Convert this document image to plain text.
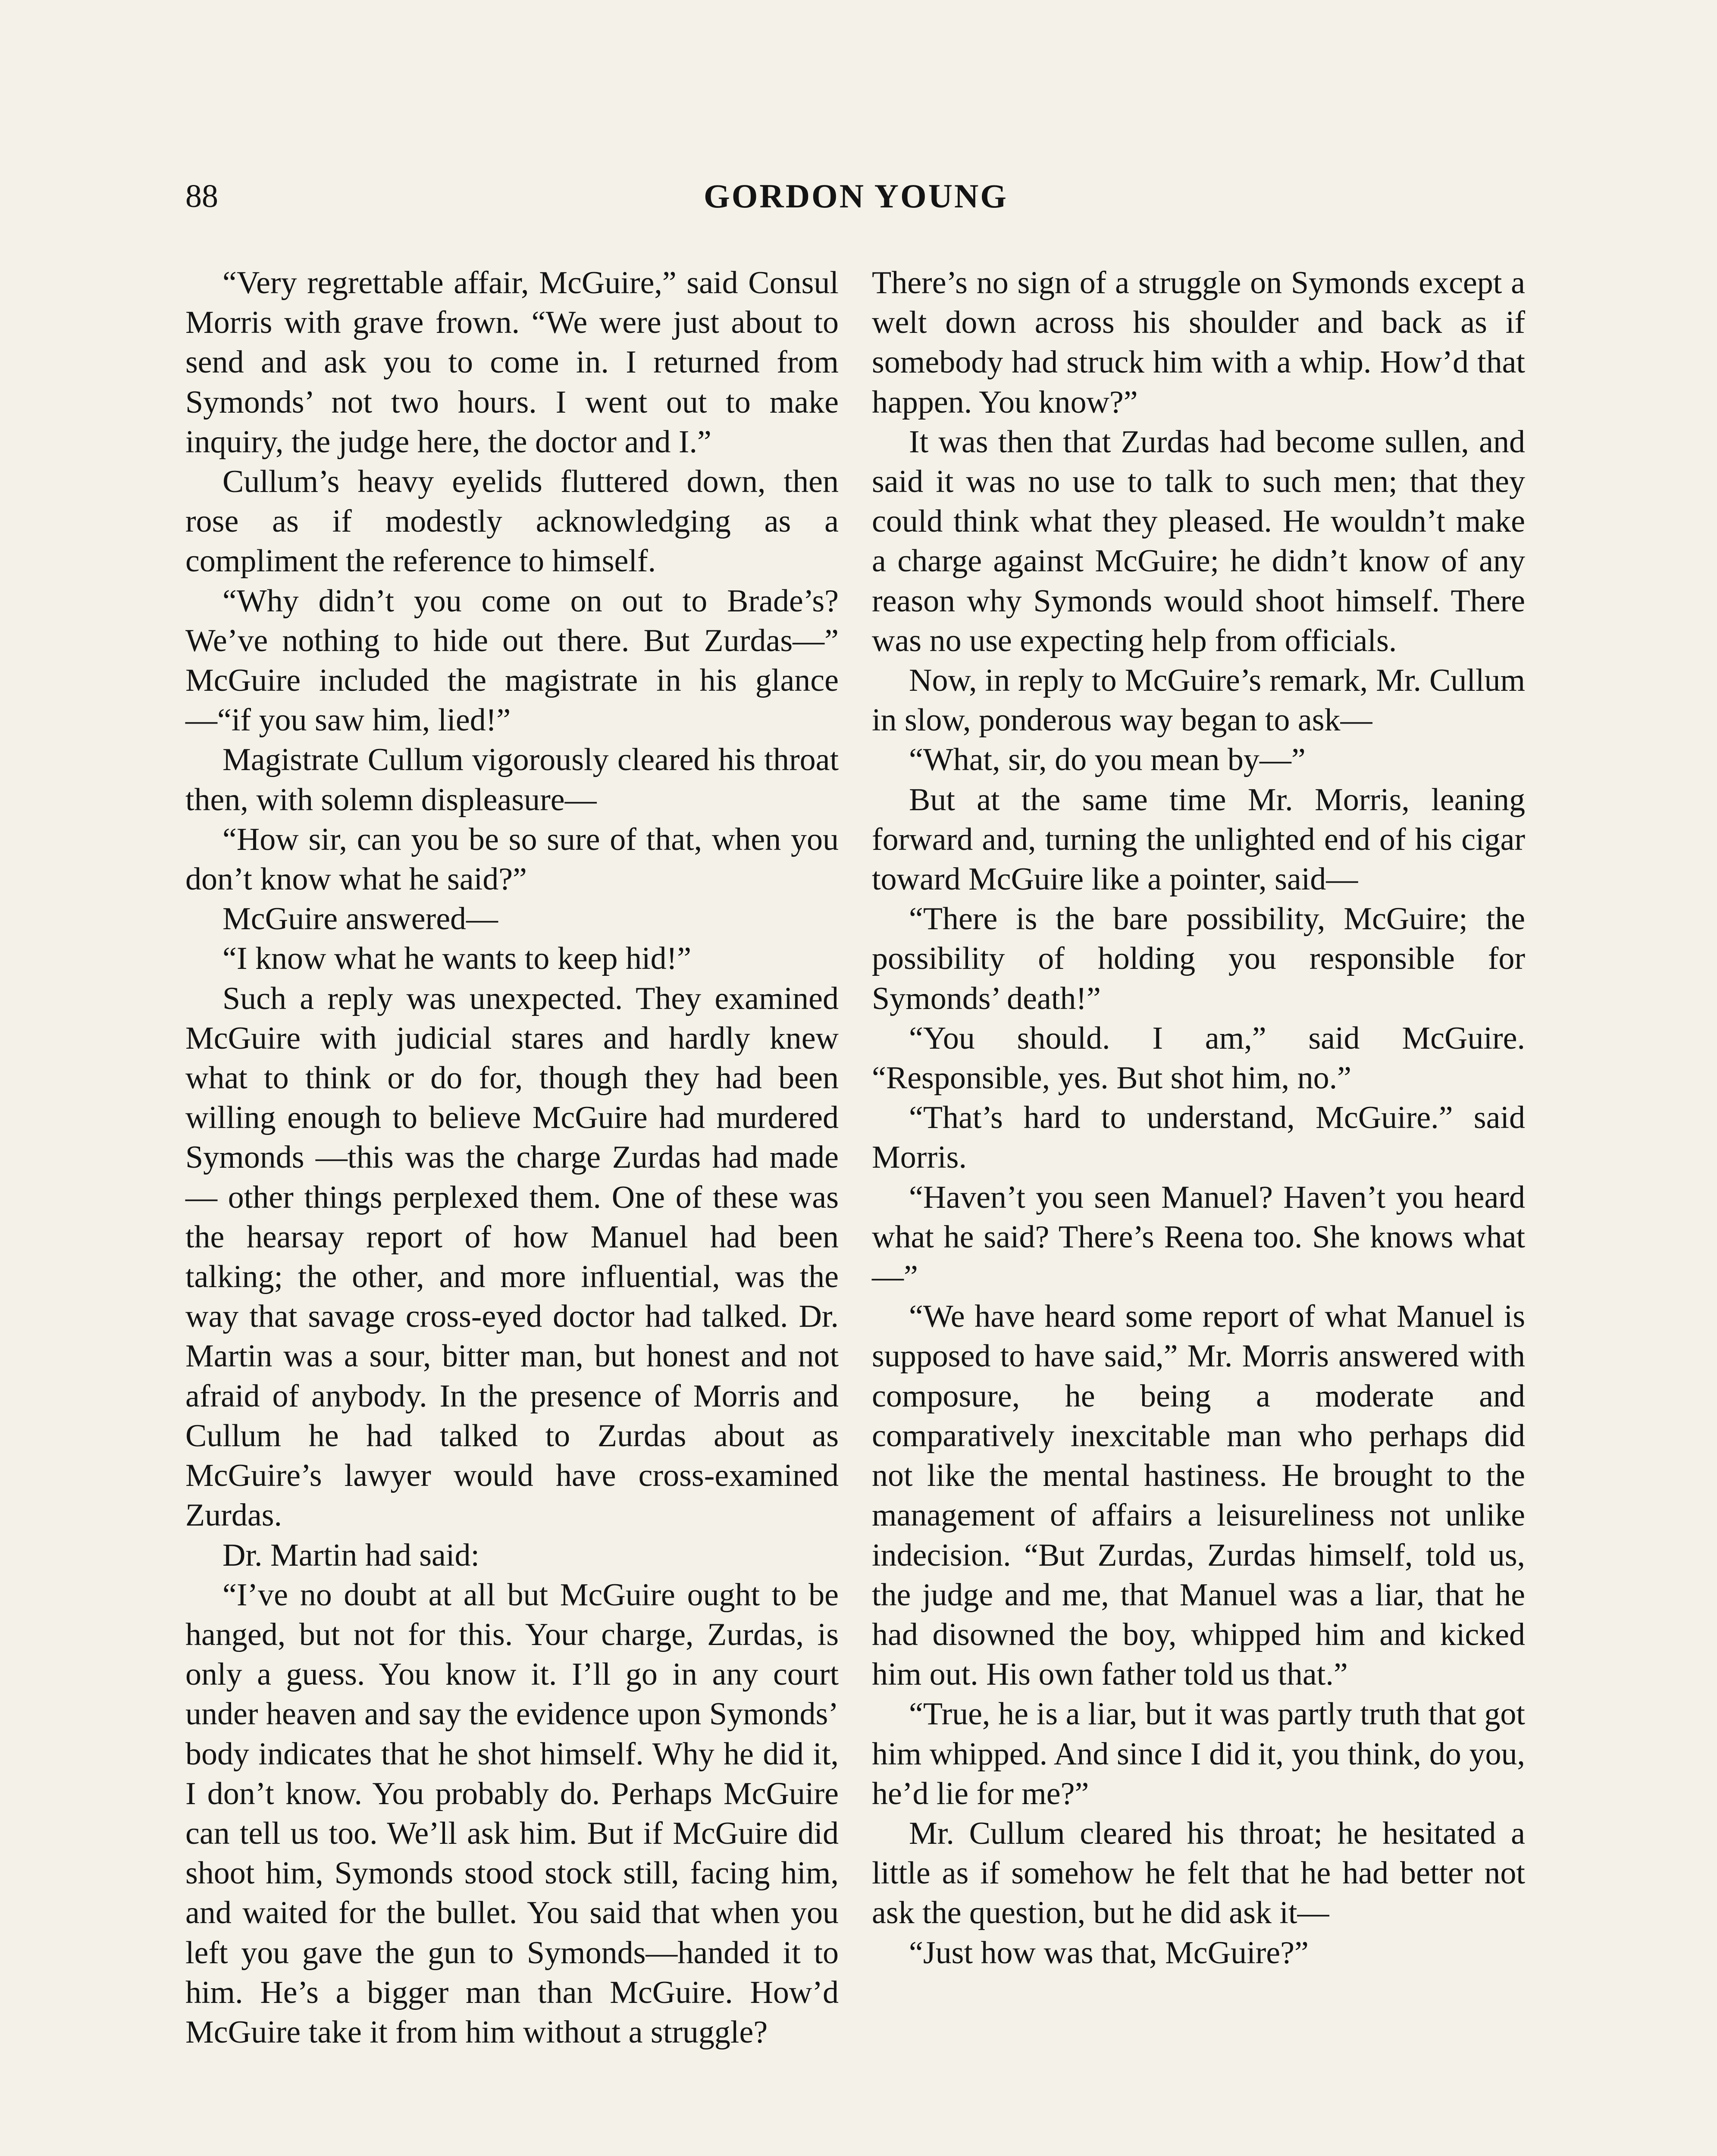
88	GORDON YOUNG

“Very regrettable affair, McGuire,” said Consul Morris with grave frown. “We were just about to send and ask you to come in. I returned from Symonds’ not two hours. I went out to make inquiry, the judge here, the doctor and I.”

Cullum’s heavy eyelids fluttered down, then rose as if modestly acknowledging as a compliment the reference to himself.

“Why didn’t you come on out to Brade’s? We’ve nothing to hide out there. But Zurdas—” McGuire included the magistrate in his glance—“if you saw him, lied!”

Magistrate Cullum vigorously cleared his throat then, with solemn displeasure—

“How sir, can you be so sure of that, when you don’t know what he said?”

McGuire answered—

“I know what he wants to keep hid!”

Such a reply was unexpected. They examined McGuire with judicial stares and hardly knew what to think or do for, though they had been willing enough to believe McGuire had murdered Symonds —this was the charge Zurdas had made— other things perplexed them. One of these was the hearsay report of how Manuel had been talking; the other, and more influential, was the way that savage cross-eyed doctor had talked. Dr. Martin was a sour, bitter man, but honest and not afraid of anybody. In the presence of Morris and Cullum he had talked to Zurdas about as McGuire’s lawyer would have cross-examined Zurdas.

Dr. Martin had said:

“I’ve no doubt at all but McGuire ought to be hanged, but not for this. Your charge, Zurdas, is only a guess. You know it. I’ll go in any court under heaven and say the evidence upon Symonds’ body indicates that he shot himself. Why he did it, I don’t know. You probably do. Perhaps McGuire can tell us too. We’ll ask him. But if McGuire did shoot him, Symonds stood stock still, facing him, and waited for the bullet. You said that when you left you gave the gun to Symonds—handed it to him. He’s a bigger man than McGuire. How’d McGuire take it from him without a struggle?

There’s no sign of a struggle on Symonds except a welt down across his shoulder and back as if somebody had struck him with a whip. How’d that happen. You know?”

It was then that Zurdas had become sullen, and said it was no use to talk to such men; that they could think what they pleased. He wouldn’t make a charge against McGuire; he didn’t know of any reason why Symonds would shoot himself. There was no use expecting help from officials.

Now, in reply to McGuire’s remark, Mr. Cullum in slow, ponderous way began to ask—

“What, sir, do you mean by—”

But at the same time Mr. Morris, leaning forward and, turning the unlighted end of his cigar toward McGuire like a pointer, said—

“There is the bare possibility, McGuire; the possibility of holding you responsible for Symonds’ death!”

“You should. I am,” said McGuire. “Responsible, yes. But shot him, no.”

“That’s hard to understand, McGuire.” said Morris.

“Haven’t you seen Manuel? Haven’t you heard what he said? There’s Reena too. She knows what—”

“We have heard some report of what Manuel is supposed to have said,” Mr. Morris answered with composure, he being a moderate and comparatively inexcitable man who perhaps did not like the mental hastiness. He brought to the management of affairs a leisureliness not unlike indecision. “But Zurdas, Zurdas himself, told us, the judge and me, that Manuel was a liar, that he had disowned the boy, whipped him and kicked him out. His own father told us that.”

“True, he is a liar, but it was partly truth that got him whipped. And since I did it, you think, do you, he’d lie for me?”

Mr. Cullum cleared his throat; he hesitated a little as if somehow he felt that he had better not ask the question, but he did ask it—

“Just how was that, McGuire?”
